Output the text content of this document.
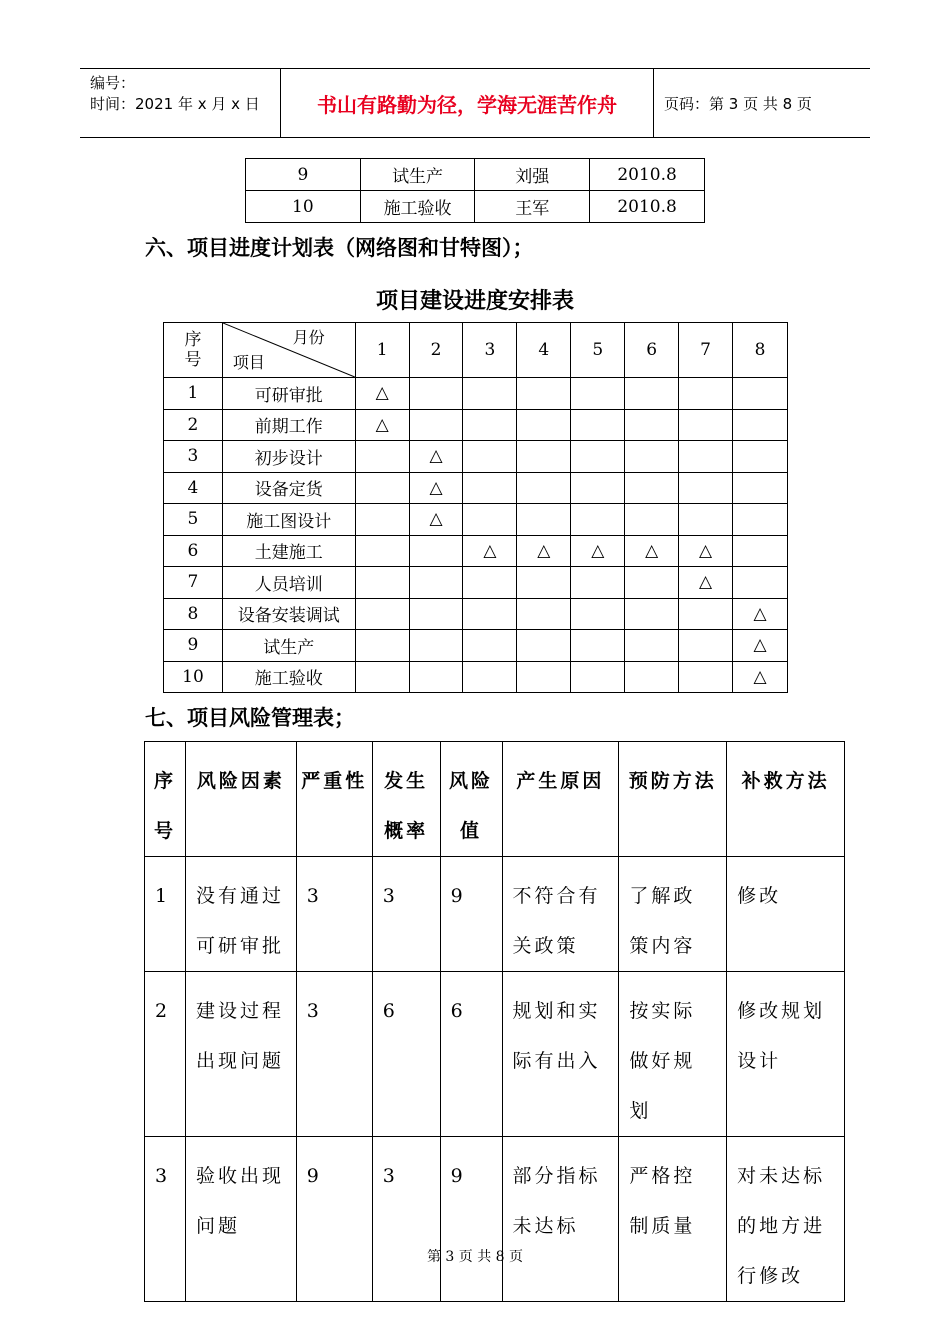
编号：
时间：2021 年 x 月 x 日	书山有路勤为径，学海无涯苦作舟	页码：第 3 页 共 8 页
9	试生产	刘强	2010.8
10	施工验收	王军	2010.8
六、项目进度计划表（网络图和甘特图）；
项目建设进度安排表
序号	月份
项目	1	2	3	4	5	6	7	8
1	可研审批	△							
2	前期工作	△							
3	初步设计		△						
4	设备定货		△						
5	施工图设计		△						
6	土建施工			△	△	△	△	△	
7	人员培训							△	
8	设备安装调试								△
9	试生产								△
10	施工验收								△
七、项目风险管理表；
序号	风险因素	严重性	发生概率	风险值	产生原因	预防方法	补救方法
1	没有通过可研审批	3	3	9	不符合有关政策	了解政策内容	修改
2	建设过程出现问题	3	6	6	规划和实际有出入	按实际做好规划	修改规划设计
3	验收出现问题	9	3	9	部分指标未达标	严格控制质量	对未达标的地方进行修改
第 3 页 共 8 页
